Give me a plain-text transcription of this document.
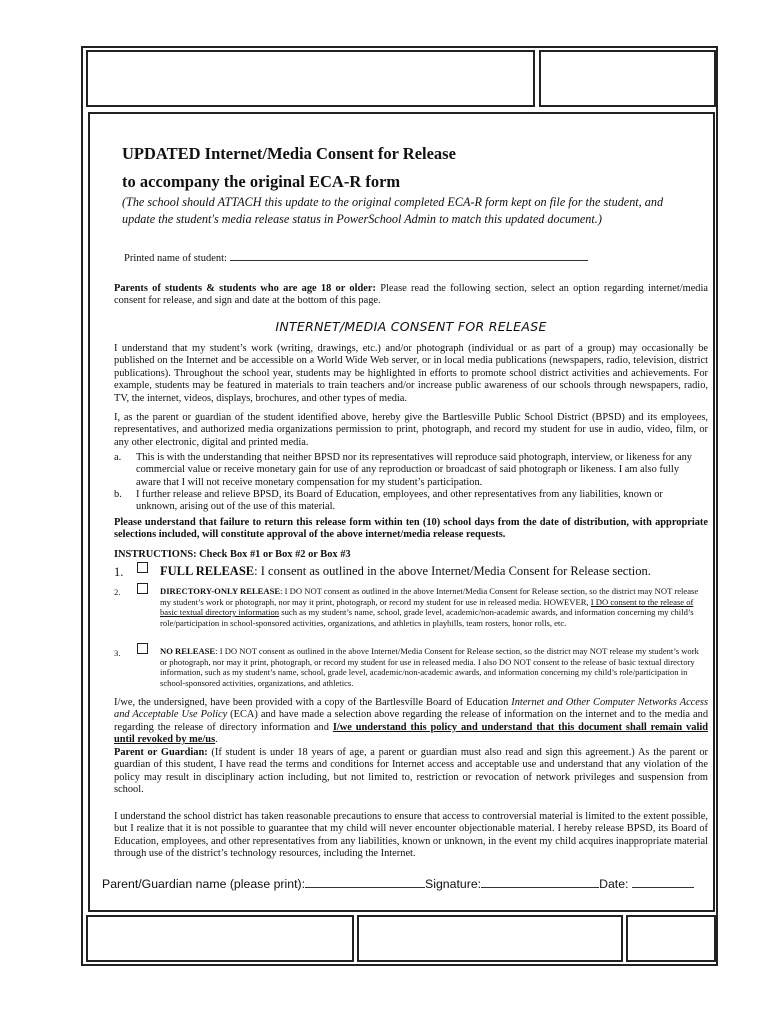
UPDATED Internet/Media Consent for Release
to accompany the original ECA-R form

(The school should ATTACH this update to the original completed ECA-R form kept on file for the student, and update the student's media release status in PowerSchool Admin to match this updated document.)

Printed name of student:

Parents of students & students who are age 18 or older: Please read the following section, select an option regarding internet/media consent for release, and sign and date at the bottom of this page.

INTERNET/MEDIA CONSENT FOR RELEASE

I understand that my student’s work (writing, drawings, etc.) and/or photograph (individual or as part of a group) may occasionally be published on the Internet and be accessible on a World Wide Web server, or in local media publications (newspapers, radio, television, district publications). Throughout the school year, students may be highlighted in efforts to promote school district activities and achievements. For example, students may be featured in materials to train teachers and/or increase public awareness of our schools through newspapers, radio, TV, the internet, videos, displays, brochures, and other types of media.

I, as the parent or guardian of the student identified above, hereby give the Bartlesville Public School District (BPSD) and its employees, representatives, and authorized media organizations permission to print, photograph, and record my student for use in audio, video, film, or any other electronic, digital and printed media.

a. This is with the understanding that neither BPSD nor its representatives will reproduce said photograph, interview, or likeness for any commercial value or receive monetary gain for use of any reproduction or broadcast of said photograph or likeness. I am also fully aware that I will not receive monetary compensation for my student’s participation.

b. I further release and relieve BPSD, its Board of Education, employees, and other representatives from any liabilities, known or unknown, arising out of the use of this material.

Please understand that failure to return this release form within ten (10) school days from the date of distribution, with appropriate selections included, will constitute approval of the above internet/media release requests.

INSTRUCTIONS: Check Box #1 or Box #2 or Box #3

1.	FULL RELEASE: I consent as outlined in the above Internet/Media Consent for Release section.

2.	DIRECTORY-ONLY RELEASE: I DO NOT consent as outlined in the above Internet/Media Consent for Release section, so the district may NOT release my student’s work or photograph, nor may it print, photograph, or record my student for use in released media. HOWEVER, I DO consent to the release of basic textual directory information such as my student’s name, school, grade level, academic/non-academic awards, and information concerning my child’s role/participation in school-sponsored activities, organizations, and athletics in playbills, team rosters, honor rolls, etc.

3.	NO RELEASE: I DO NOT consent as outlined in the above Internet/Media Consent for Release section, so the district may NOT release my student’s work or photograph, nor may it print, photograph, or record my student for use in released media. I also DO NOT consent to the release of basic textual directory information, such as my student’s name, school, grade level, academic/non-academic awards, and information concerning my child’s role/participation in school-sponsored activities, organizations, and athletics.

I/we, the undersigned, have been provided with a copy of the Bartlesville Board of Education Internet and Other Computer Networks Access and Acceptable Use Policy (ECA) and have made a selection above regarding the release of information on the internet and to the media and regarding the release of directory information and I/we understand this policy and understand that this document shall remain valid until revoked by me/us.

Parent or Guardian: (If student is under 18 years of age, a parent or guardian must also read and sign this agreement.) As the parent or guardian of this student, I have read the terms and conditions for Internet access and acceptable use and understand that any violation of the policy may result in disciplinary action including, but not limited to, restriction or revocation of network privileges and suspension from school.

I understand the school district has taken reasonable precautions to ensure that access to controversial material is limited to the extent possible, but I realize that it is not possible to guarantee that my child will never encounter objectionable material. I hereby release BPSD, its Board of Education, employees, and other representatives from any liabilities, known or unknown, in the event my child acquires inappropriate material through use of the district’s technology resources, including the Internet.

Parent/Guardian name (please print):	Signature:	Date:
